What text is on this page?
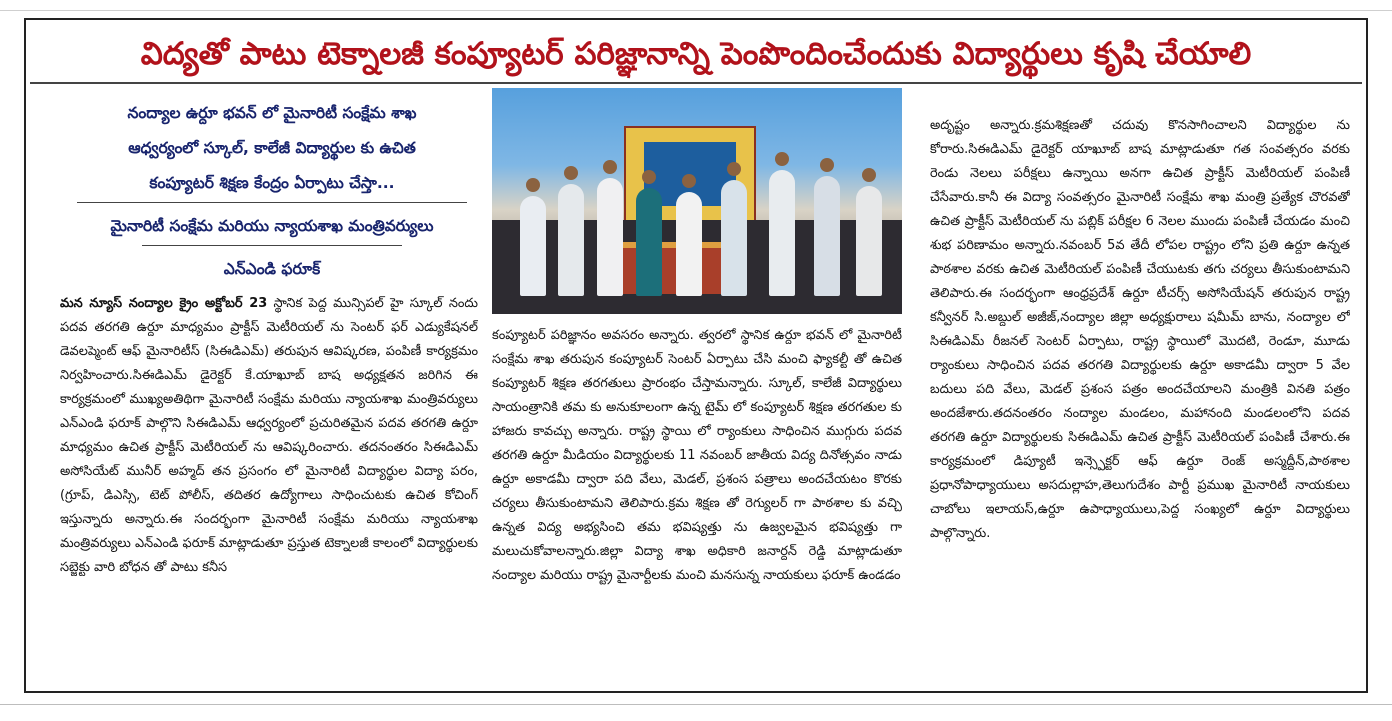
విద్యతో పాటు టెక్నాలజీ కంప్యూటర్ పరిజ్ఞానాన్ని పెంపొందించేందుకు విద్యార్థులు కృషి చేయాలి
నంద్యాల ఉర్దూ భవన్ లో మైనారిటీ సంక్షేమ శాఖ
ఆధ్వర్యంలో స్కూల్, కాలేజీ విద్యార్థుల కు ఉచిత
కంప్యూటర్ శిక్షణ కేంద్రం ఏర్పాటు చేస్తా...
మైనారిటీ సంక్షేమ మరియు న్యాయశాఖ మంత్రివర్యులు
ఎన్ఎండి ఫరూక్
మన న్యూస్ నంద్యాల క్రైం అక్టోబర్ 23 స్థానిక పెద్ద మున్సిపల్ హై స్కూల్ నందు పదవ తరగతి ఉర్దూ మాధ్యమం ప్రాక్టీస్ మెటీరియల్ ను సెంటర్ ఫర్ ఎడ్యుకేషనల్ డెవలప్మెంట్ ఆఫ్ మైనారిటీస్ (సిఈడిఎమ్) తరుపున ఆవిష్కరణ, పంపిణీ కార్యక్రమం నిర్వహించారు.సిఈడిఎమ్ డైరెక్టర్ కే.యాఖూబ్ బాష అధ్యక్షతన జరిగిన ఈ కార్యక్రమంలో ముఖ్యఅతిథిగా మైనారిటీ సంక్షేమ మరియు న్యాయశాఖ మంత్రివర్యులు ఎన్ఎండి ఫరూక్ పాల్గొని సిఈడిఎమ్ ఆధ్వర్యంలో ప్రచురితమైన పదవ తరగతి ఉర్దూ మాధ్యమం ఉచిత ప్రాక్టీస్ మెటీరియల్ ను ఆవిష్కరించారు. తదనంతరం సిఈడిఎమ్ అసోసియేట్ మునీర్ అహ్మద్ తన ప్రసంగం లో మైనారిటీ విద్యార్థుల విద్యా పరం, (గ్రూప్, డిఎస్సి, టెట్ పోలీస్, తదితర ఉద్యోగాలు సాధించుటకు ఉచిత కోచింగ్ ఇస్తున్నారు అన్నారు.ఈ సందర్భంగా మైనారిటీ సంక్షేమ మరియు న్యాయశాఖ మంత్రివర్యులు ఎన్ఎండి ఫరూక్ మాట్లాడుతూ ప్రస్తుత టెక్నాలజీ కాలంలో విద్యార్థులకు సబ్జెక్టు వారి బోధన తో పాటు కనీస
కంప్యూటర్ పరిజ్ఞానం అవసరం అన్నారు. త్వరలో స్థానిక ఉర్దూ భవన్ లో మైనారిటీ సంక్షేమ శాఖ తరుపున కంప్యూటర్ సెంటర్ ఏర్పాటు చేసి మంచి ఫ్యాకల్టీ తో ఉచిత కంప్యూటర్ శిక్షణ తరగతులు ప్రారంభం చేస్తామన్నారు. స్కూల్, కాలేజీ విద్యార్థులు సాయంత్రానికి తమ కు అనుకూలంగా ఉన్న టైమ్ లో కంప్యూటర్ శిక్షణ తరగతుల కు హాజరు కావచ్చు అన్నారు. రాష్ట్ర స్థాయి లో ర్యాంకులు సాధించిన ముగ్గురు పదవ తరగతి ఉర్దూ మీడియం విద్యార్థులకు 11 నవంబర్ జాతీయ విద్య దినోత్సవం నాడు ఉర్దూ అకాడమీ ద్వారా పది వేలు, మెడల్, ప్రశంస పత్రాలు అందచేయటం కొరకు చర్యలు తీసుకుంటామని తెలిపారు.క్రమ శిక్షణ తో రెగ్యులర్ గా పాఠశాల కు వచ్చి ఉన్నత విద్య అభ్యసించి తమ భవిష్యత్తు ను ఉజ్వలమైన భవిష్యత్తు గా మలుచుకోవాలన్నారు.జిల్లా విద్యా శాఖ అధికారి జనార్దన్ రెడ్డి మాట్లాడుతూ నంద్యాల మరియు రాష్ట్ర మైనార్టీలకు మంచి మనసున్న నాయకులు ఫరూక్ ఉండడం
అదృష్టం అన్నారు.క్రమశిక్షణతో చదువు కొనసాగించాలని విద్యార్థుల ను కోరారు.సిఈడిఎమ్ డైరెక్టర్ యాఖూబ్ బాష మాట్లాడుతూ గత సంవత్సరం వరకు రెండు నెలలు పరీక్షలు ఉన్నాయి అనగా ఉచిత ప్రాక్టీస్ మెటీరియల్ పంపిణీ చేసేవారు.కానీ ఈ విద్యా సంవత్సరం మైనారిటీ సంక్షేమ శాఖ మంత్రి ప్రత్యేక చొరవతో ఉచిత ప్రాక్టీస్ మెటీరియల్ ను పబ్లిక్ పరీక్షల 6 నెలల ముందు పంపిణీ చేయడం మంచి శుభ పరిణామం అన్నారు.నవంబర్ 5వ తేదీ లోపల రాష్ట్రం లోని ప్రతి ఉర్దూ ఉన్నత పాఠశాల వరకు ఉచిత మెటీరియల్ పంపిణీ చేయుటకు తగు చర్యలు తీసుకుంటామని తెలిపారు.ఈ సందర్భంగా ఆంధ్రప్రదేశ్ ఉర్దూ టీచర్స్ అసోసియేషన్ తరుపున రాష్ట్ర కన్వీనర్ సి.అబ్దుల్ అజీజ్,నంద్యాల జిల్లా అధ్యక్షురాలు షమీమ్ బాను, నంద్యాల లో సిఈడిఎమ్ రీజనల్ సెంటర్ ఏర్పాటు, రాష్ట్ర స్థాయిలో మొదటి, రెండూ, మూడు ర్యాంకులు సాధించిన పదవ తరగతి విద్యార్థులకు ఉర్దూ అకాడమీ ద్వారా 5 వేల బదులు పది వేలు, మెడల్ ప్రశంస పత్రం అందచేయాలని మంత్రికి వినతి పత్రం అందజేశారు.తదనంతరం నంద్యాల మండలం, మహానంది మండలంలోని పదవ తరగతి ఉర్దూ విద్యార్థులకు సిఈడిఎమ్ ఉచిత ప్రాక్టీస్ మెటీరియల్ పంపిణీ చేశారు.ఈ కార్యక్రమంలో డిప్యూటీ ఇన్స్పెక్టర్ ఆఫ్ ఉర్దూ రెంజ్ అస్మద్దీన్,పాఠశాల ప్రధానోపాధ్యాయులు అసదుల్లాహ,తెలుగుదేశం పార్టీ ప్రముఖ మైనారిటీ నాయకులు చాబోలు ఇలాయస్,ఉర్దూ ఉపాధ్యాయులు,పెద్ద సంఖ్యలో ఉర్దూ విద్యార్థులు పాల్గొన్నారు.
